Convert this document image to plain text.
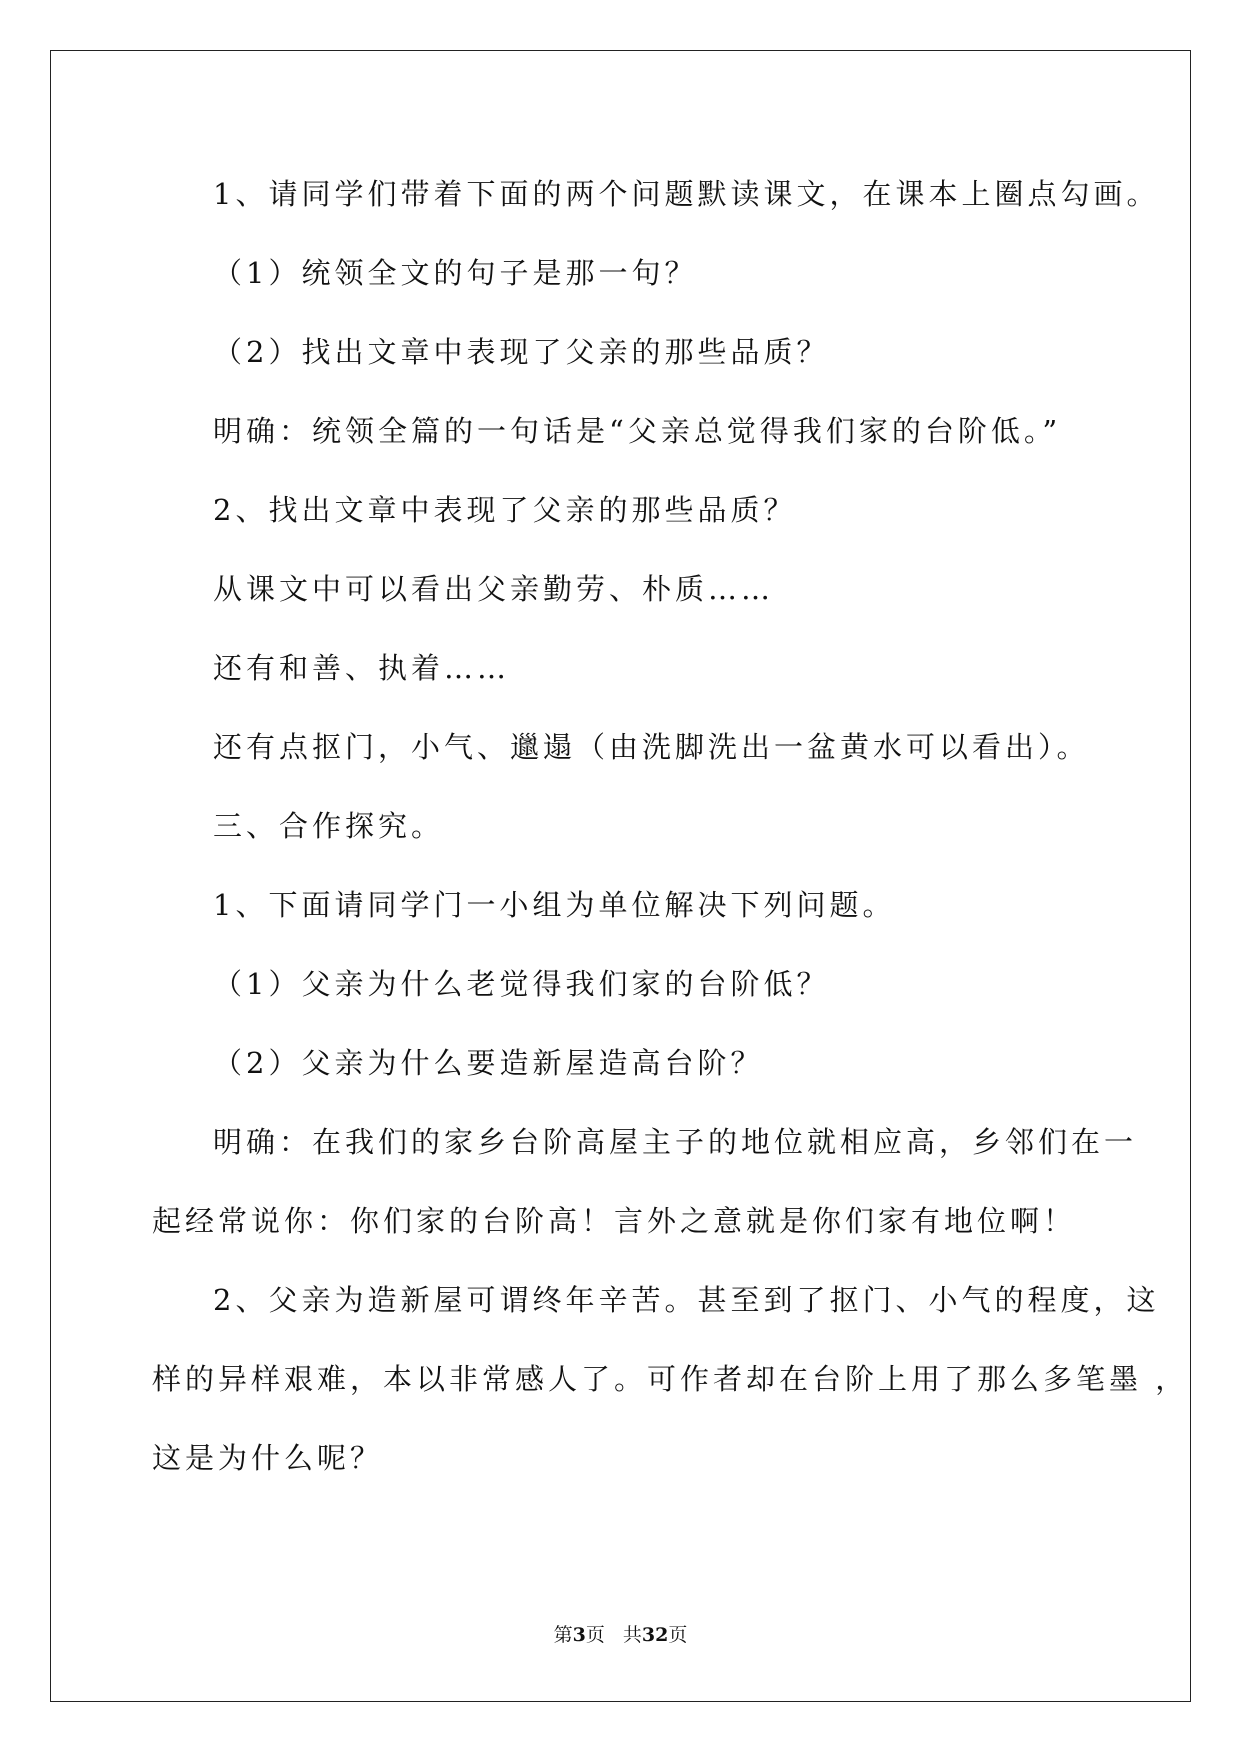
1、请同学们带着下面的两个问题默读课文，在课本上圈点勾画。
（1）统领全文的句子是那一句？
（2）找出文章中表现了父亲的那些品质？
明确：统领全篇的一句话是“父亲总觉得我们家的台阶低。”
2、找出文章中表现了父亲的那些品质？
从课文中可以看出父亲勤劳、朴质……
还有和善、执着……
还有点抠门，小气、邋遢（由洗脚洗出一盆黄水可以看出）。
三、合作探究。
1、下面请同学门一小组为单位解决下列问题。
（1）父亲为什么老觉得我们家的台阶低？
（2）父亲为什么要造新屋造高台阶？
明确：在我们的家乡台阶高屋主子的地位就相应高，乡邻们在一
起经常说你：你们家的台阶高！言外之意就是你们家有地位啊！
2、父亲为造新屋可谓终年辛苦。甚至到了抠门、小气的程度，这
样的异样艰难，本以非常感人了。可作者却在台阶上用了那么多笔墨 ，
这是为什么呢？
第3页 共32页
